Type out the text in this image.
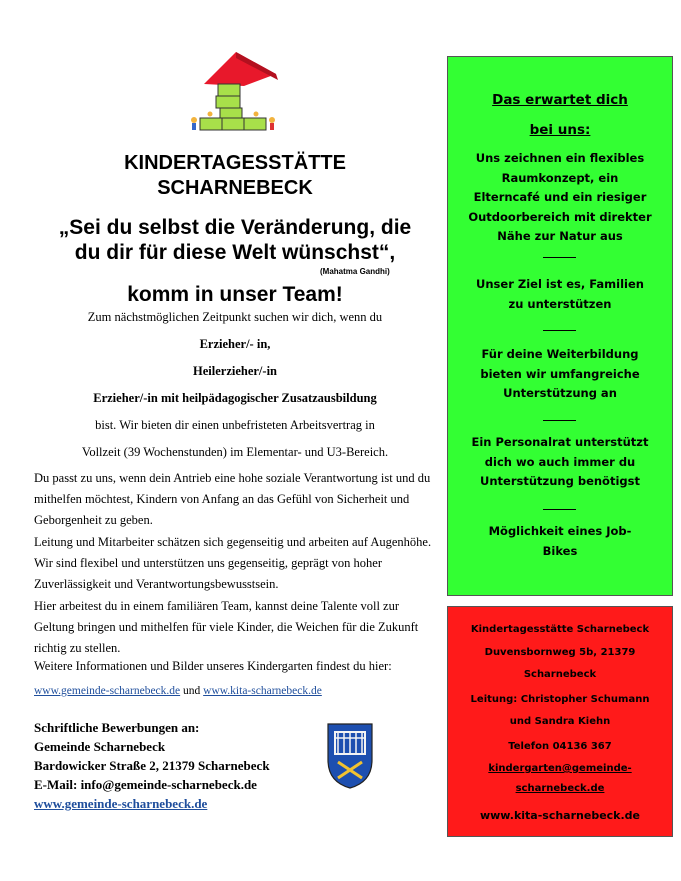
KINDERTAGESSTÄTTE
SCHARNEBECK
„Sei du selbst die Veränderung, die
du dir für diese Welt wünschst“,
(Mahatma Gandhi)
komm in unser Team!
Zum nächstmöglichen Zeitpunkt suchen wir dich, wenn du
Erzieher/- in,
Heilerzieher/-in
Erzieher/-in mit heilpädagogischer Zusatzausbildung
bist. Wir bieten dir einen unbefristeten Arbeitsvertrag in
Vollzeit (39 Wochenstunden) im Elementar- und U3-Bereich.
Du passt zu uns, wenn dein Antrieb eine hohe soziale Verantwortung ist und du mithelfen möchtest, Kindern von Anfang an das Gefühl von Sicherheit und Geborgenheit zu geben.
Leitung und Mitarbeiter schätzen sich gegenseitig und arbeiten auf Augenhöhe. Wir sind flexibel und unterstützen uns gegenseitig, geprägt von hoher Zuverlässigkeit und Verantwortungsbewusstsein.
Hier arbeitest du in einem familiären Team, kannst deine Talente voll zur Geltung bringen und mithelfen für viele Kinder, die Weichen für die Zukunft richtig zu stellen.
Weitere Informationen und Bilder unseres Kindergarten findest du hier:
www.gemeinde-scharnebeck.de und www.kita-scharnebeck.de
Schriftliche Bewerbungen an:
Gemeinde Scharnebeck
Bardowicker Straße 2, 21379 Scharnebeck
E-Mail: info@gemeinde-scharnebeck.de
www.gemeinde-scharnebeck.de
Das erwartet dich
bei uns:
Uns zeichnen ein flexibles
Raumkonzept, ein
Elterncafé und ein riesiger
Outdoorbereich mit direkter
Nähe zur Natur aus
Unser Ziel ist es, Familien
zu unterstützen
Für deine Weiterbildung
bieten wir umfangreiche
Unterstützung an
Ein Personalrat unterstützt
dich wo auch immer du
Unterstützung benötigst
Möglichkeit eines Job-
Bikes
Kindertagesstätte Scharnebeck
Duvensbornweg 5b, 21379
Scharnebeck
Leitung: Christopher Schumann
und Sandra Kiehn
Telefon 04136 367
kindergarten@gemeinde-
scharnebeck.de
www.kita-scharnebeck.de
